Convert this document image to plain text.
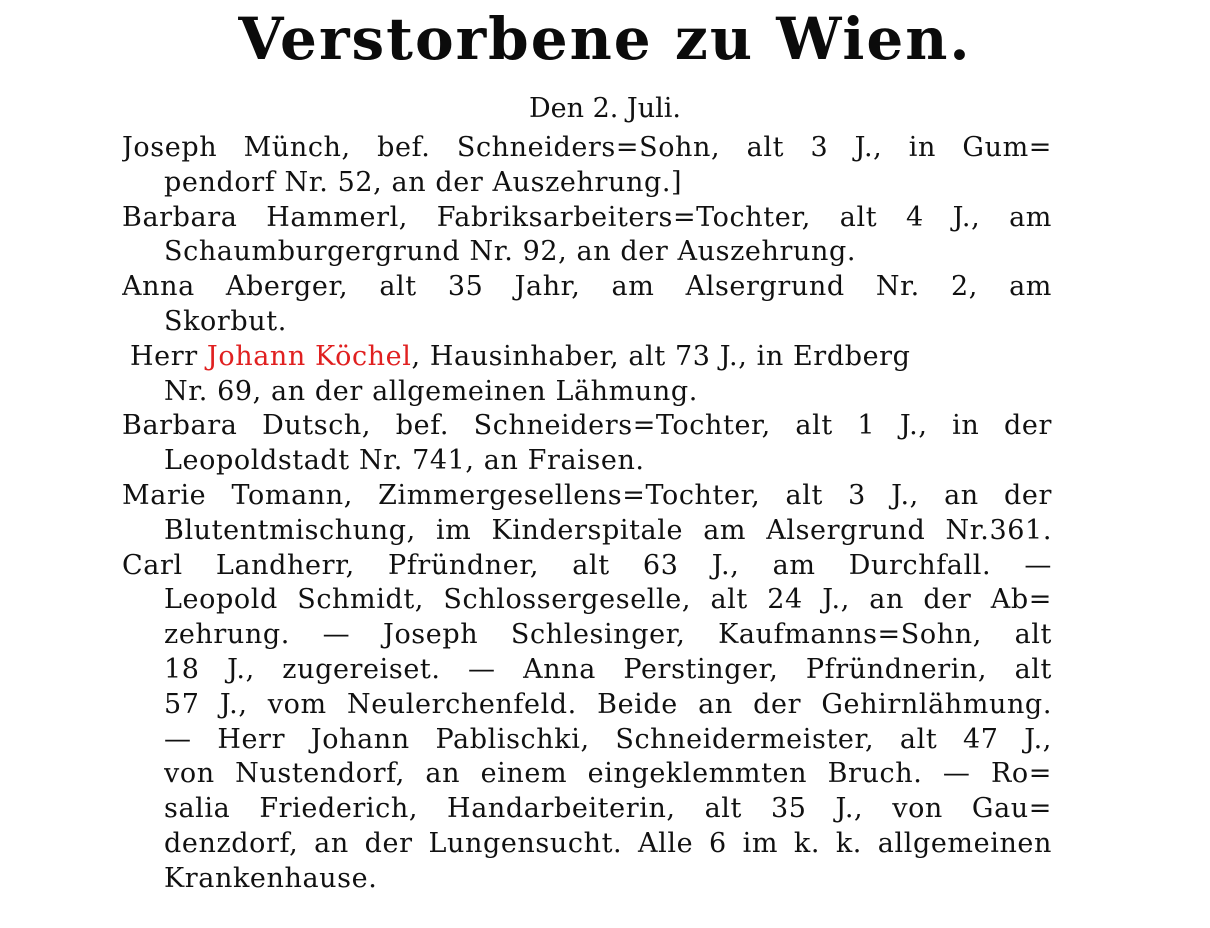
Verstorbene zu Wien.
Den 2. Juli.
Joseph Münch, bef. Schneiders=Sohn, alt 3 J., in Gum=
pendorf Nr. 52, an der Auszehrung.]
Barbara Hammerl, Fabriksarbeiters=Tochter, alt 4 J., am
Schaumburgergrund Nr. 92, an der Auszehrung.
Anna Aberger, alt 35 Jahr, am Alsergrund Nr. 2, am
Skorbut.
Herr Johann Köchel, Hausinhaber, alt 73 J., in Erdberg
Nr. 69, an der allgemeinen Lähmung.
Barbara Dutsch, bef. Schneiders=Tochter, alt 1 J., in der
Leopoldstadt Nr. 741, an Fraisen.
Marie Tomann, Zimmergesellens=Tochter, alt 3 J., an der
Blutentmischung, im Kinderspitale am Alsergrund Nr.361.
Carl Landherr, Pfründner, alt 63 J., am Durchfall. —
Leopold Schmidt, Schlossergeselle, alt 24 J., an der Ab=
zehrung. — Joseph Schlesinger, Kaufmanns=Sohn, alt
18 J., zugereiset. — Anna Perstinger, Pfründnerin, alt
57 J., vom Neulerchenfeld. Beide an der Gehirnlähmung.
— Herr Johann Pablischki, Schneidermeister, alt 47 J.,
von Nustendorf, an einem eingeklemmten Bruch. — Ro=
salia Friederich, Handarbeiterin, alt 35 J., von Gau=
denzdorf, an der Lungensucht. Alle 6 im k. k. allgemeinen
Krankenhause.
